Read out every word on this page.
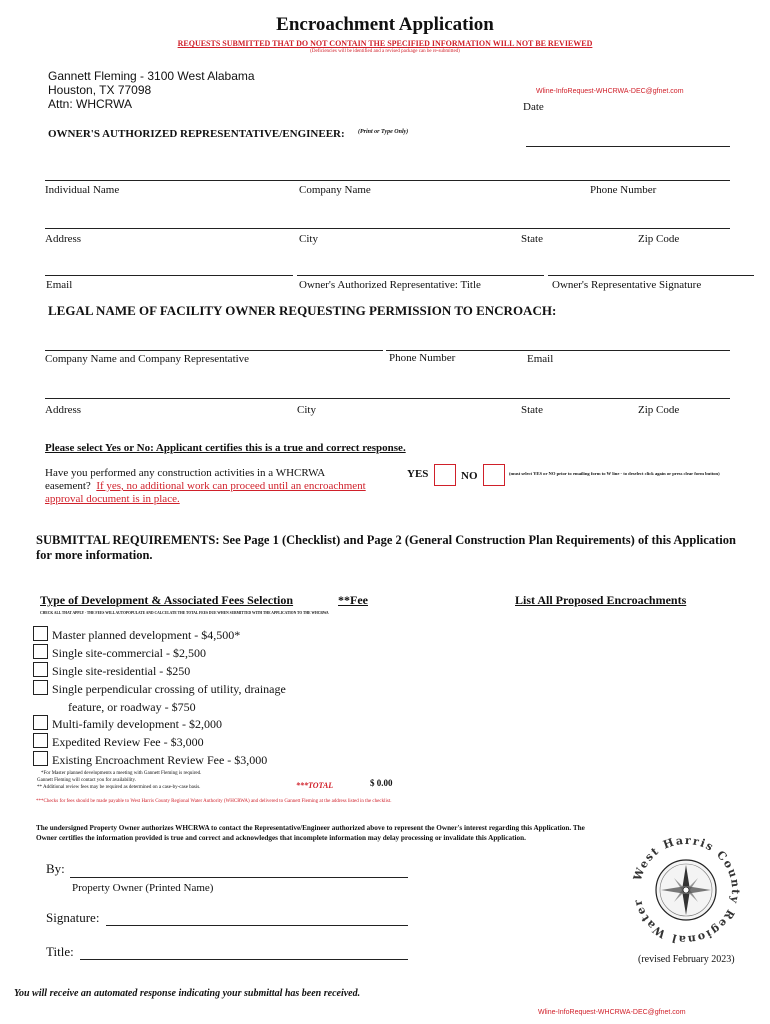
Encroachment Application
REQUESTS SUBMITTED THAT DO NOT CONTAIN THE SPECIFIED INFORMATION WILL NOT BE REVIEWED
(Deficiencies will be identified and a revised package can be re-submitted)
Gannett Fleming - 3100 West Alabama
Houston, TX 77098
Attn: WHCRWA
Wline-InfoRequest-WHCRWA-DEC@gfnet.com
Date
OWNER'S AUTHORIZED REPRESENTATIVE/ENGINEER: (Print or Type Only)
Individual Name	Company Name	Phone Number
Address	City	State	Zip Code
Email	Owner's Authorized Representative: Title	Owner's Representative Signature
LEGAL NAME OF FACILITY OWNER REQUESTING PERMISSION TO ENCROACH:
Company Name and Company Representative	Phone Number	Email
Address	City	State	Zip Code
Please select Yes or No: Applicant certifies this is a true and correct response.
Have you performed any construction activities in a WHCRWA
easement? If yes, no additional work can proceed until an encroachment
approval document is in place.
YES	NO	(must select YES or NO prior to emailing form to W line - to deselect click again or press clear form button)
SUBMITTAL REQUIREMENTS: See Page 1 (Checklist) and Page 2 (General Construction Plan Requirements) of this Application
for more information.
Type of Development & Associated Fees Selection	**Fee	List All Proposed Encroachments
CHECK ALL THAT APPLY - THE FEES WILL AUTOPOPULATE AND CALCULATE THE TOTAL FEES DUE WHEN SUBMITTED WITH THE APPLICATION TO THE WHCRWA
Master planned development - $4,500*
Single site-commercial - $2,500
Single site-residential - $250
Single perpendicular crossing of utility, drainage
feature, or roadway - $750
Multi-family development - $2,000
Expedited Review Fee - $3,000
Existing Encroachment Review Fee - $3,000
*For Master planned developments a meeting with Gannett Fleming is required.
Gannett Fleming will contact you for availability.
** Additional review fees may be required as determined on a case-by-case basis.	***TOTAL	$ 0.00
***Checks for fees should be made payable to West Harris County Regional Water Authority (WHCRWA) and delivered to Gannett Fleming at the address listed in the checklist.
The undersigned Property Owner authorizes WHCRWA to contact the Representative/Engineer authorized above to represent the Owner's interest regarding this Application. The
Owner certifies the information provided is true and correct and acknowledges that incomplete information may delay processing or invalidate this Application.
By:
Property Owner (Printed Name)
Signature:
Title:
(revised February 2023)
West Harris County Regional Water
You will receive an automated response indicating your submittal has been received.
Wline-InfoRequest-WHCRWA-DEC@gfnet.com
